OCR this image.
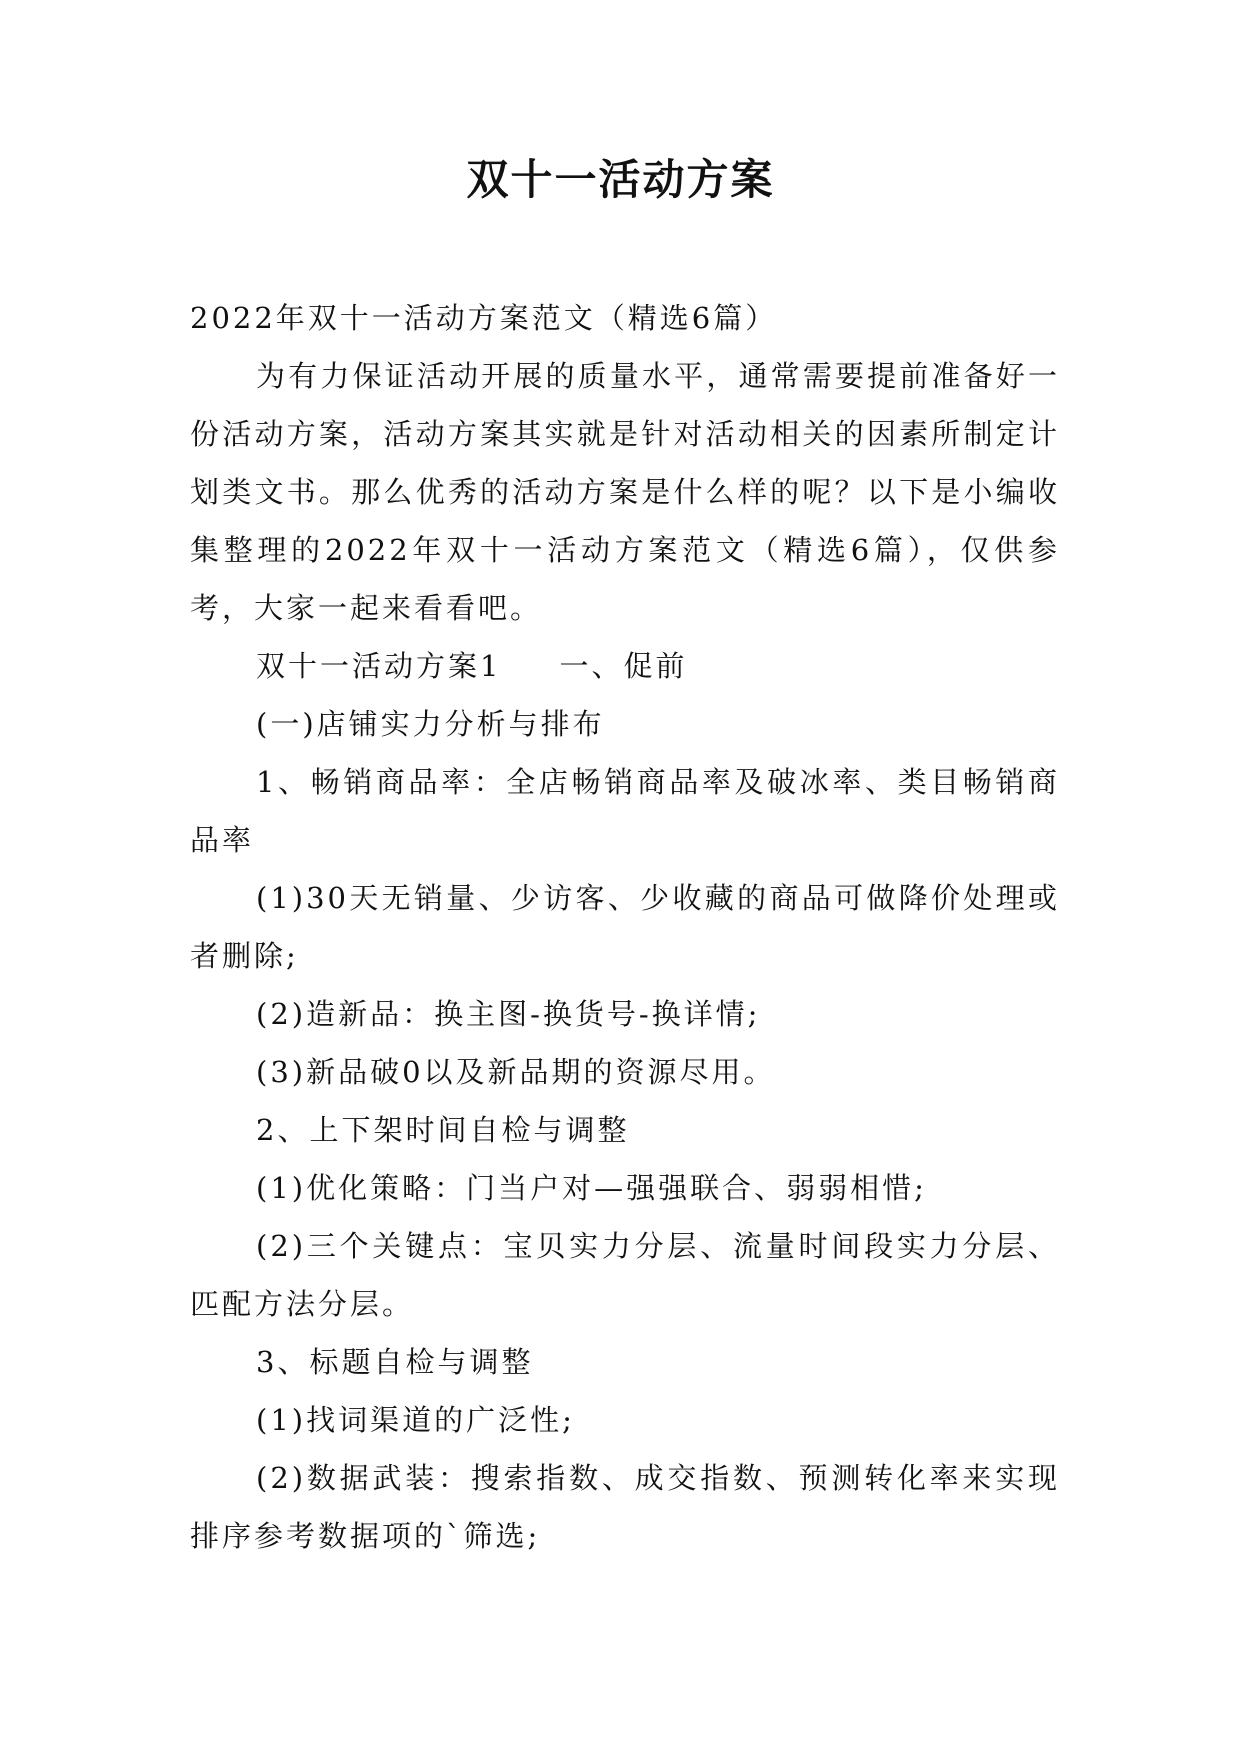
双十一活动方案

2022年双十一活动方案范文（精选6篇）

为有力保证活动开展的质量水平，通常需要提前准备好一份活动方案，活动方案其实就是针对活动相关的因素所制定计划类文书。那么优秀的活动方案是什么样的呢？以下是小编收集整理的2022年双十一活动方案范文（精选6篇），仅供参考，大家一起来看看吧。

双十一活动方案1 一、促前

(一)店铺实力分析与排布

1、畅销商品率：全店畅销商品率及破冰率、类目畅销商品率

(1)30天无销量、少访客、少收藏的商品可做降价处理或者删除;

(2)造新品：换主图-换货号-换详情;

(3)新品破0以及新品期的资源尽用。

2、上下架时间自检与调整

(1)优化策略：门当户对—强强联合、弱弱相惜;

(2)三个关键点：宝贝实力分层、流量时间段实力分层、匹配方法分层。

3、标题自检与调整

(1)找词渠道的广泛性;

(2)数据武装：搜索指数、成交指数、预测转化率来实现排序参考数据项的`筛选;
